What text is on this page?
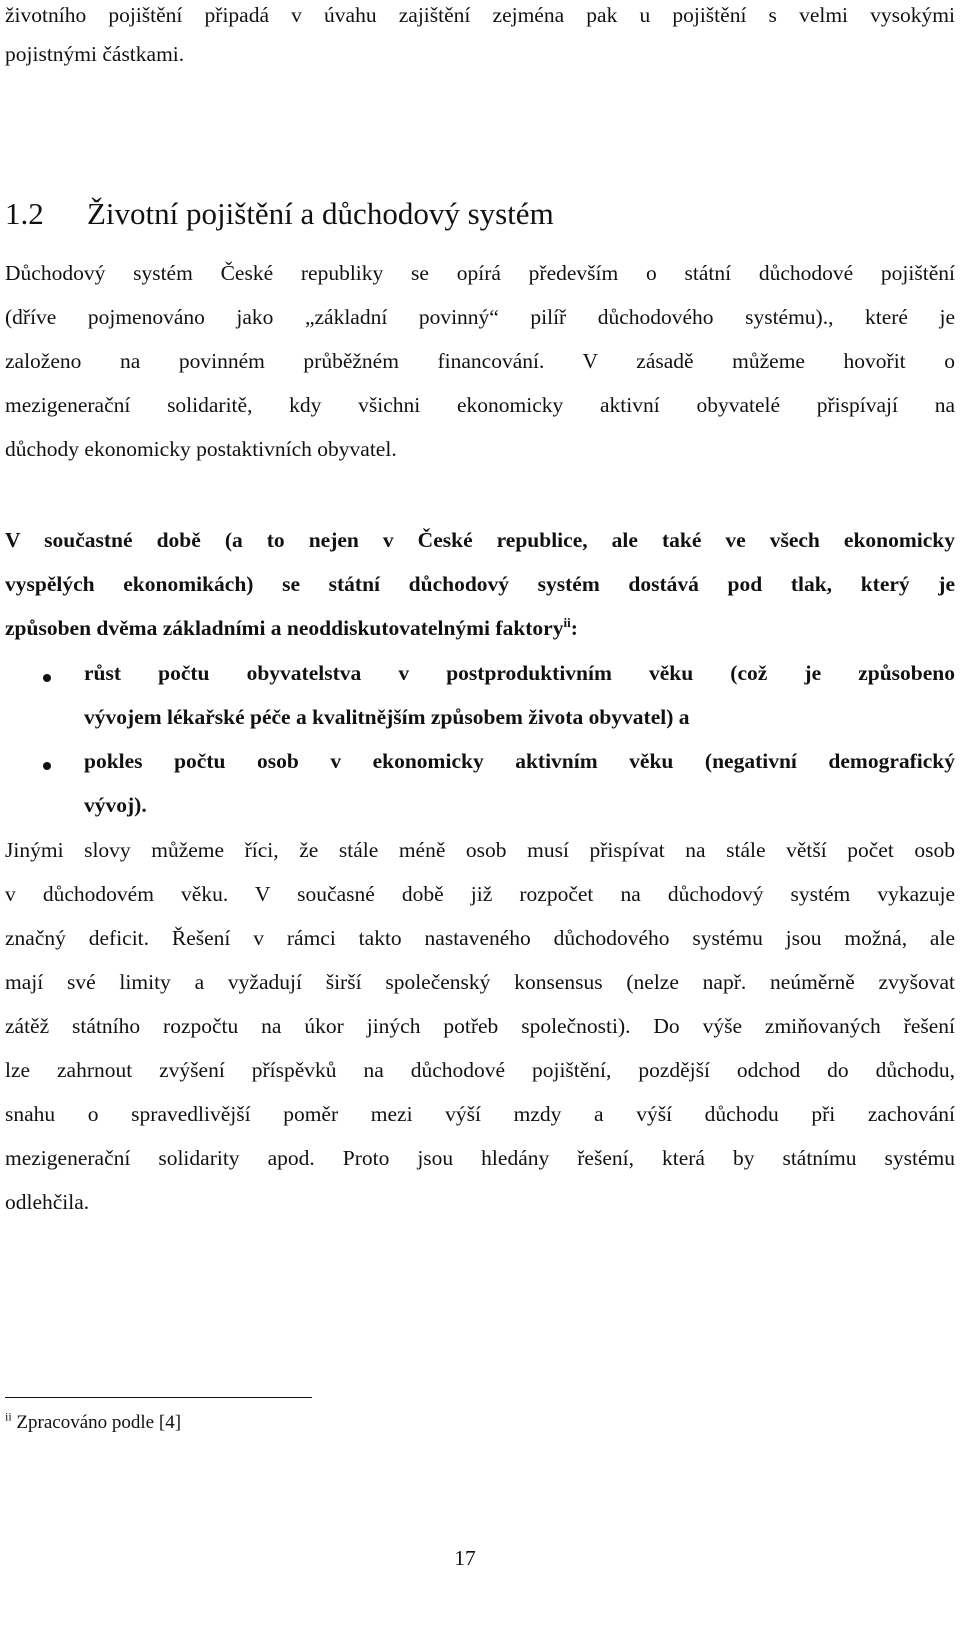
životního pojištění připadá v úvahu zajištění zejména pak u pojištění s velmi vysokými
pojistnými částkami.
1.2 Životní pojištění a důchodový systém
Důchodový systém České republiky se opírá především o státní důchodové pojištění
(dříve pojmenováno jako „základní povinný“ pilíř důchodového systému)., které je
založeno na povinném průběžném financování. V zásadě můžeme hovořit o
mezigenerační solidaritě, kdy všichni ekonomicky aktivní obyvatelé přispívají na
důchody ekonomicky postaktivních obyvatel.
V součastné době (a to nejen v České republice, ale také ve všech ekonomicky
vyspělých ekonomikách) se státní důchodový systém dostává pod tlak, který je
způsoben dvěma základními a neoddiskutovatelnými faktory$^{ii}$:
růst počtu obyvatelstva v postproduktivním věku (což je způsobeno
vývojem lékařské péče a kvalitnějším způsobem života obyvatel) a
pokles počtu osob v ekonomicky aktivním věku (negativní demografický
vývoj).
Jinými slovy můžeme říci, že stále méně osob musí přispívat na stále větší počet osob
v důchodovém věku. V současné době již rozpočet na důchodový systém vykazuje
značný deficit. Řešení v rámci takto nastaveného důchodového systému jsou možná, ale
mají své limity a vyžadují širší společenský konsensus (nelze např. neúměrně zvyšovat
zátěž státního rozpočtu na úkor jiných potřeb společnosti). Do výše zmiňovaných řešení
lze zahrnout zvýšení příspěvků na důchodové pojištění, pozdější odchod do důchodu,
snahu o spravedlivější poměr mezi výší mzdy a výší důchodu při zachování
mezigenerační solidarity apod. Proto jsou hledány řešení, která by státnímu systému
odlehčila.
$^{ii}$ Zpracováno podle [4]
17
